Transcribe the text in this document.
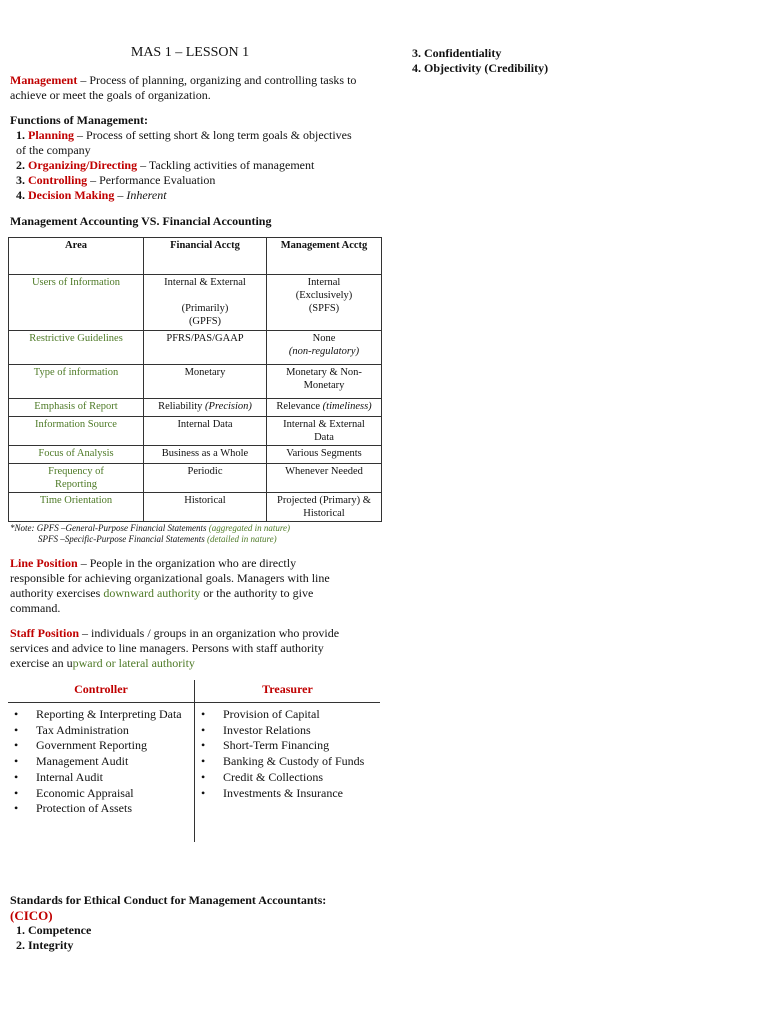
MAS 1 – LESSON 1

Management – Process of planning, organizing and controlling tasks to achieve or meet the goals of organization.

Functions of Management:
1. Planning – Process of setting short & long term goals & objectives of the company
2. Organizing/Directing – Tackling activities of management
3. Controlling – Performance Evaluation
4. Decision Making – Inherent
Management Accounting VS. Financial Accounting
Area	Financial Acctg	Management Acctg
Users of Information	Internal & External

(Primarily)
(GPFS)	Internal
(Exclusively)
(SPFS)
Restrictive Guidelines	PFRS/PAS/GAAP	None
(non-regulatory)
Type of information	Monetary	Monetary & Non-
Monetary
Emphasis of Report	Reliability (Precision)	Relevance (timeliness)
Information Source	Internal Data	Internal & External
Data
Focus of Analysis	Business as a Whole	Various Segments
Frequency of
Reporting	Periodic	Whenever Needed
Time Orientation	Historical	Projected (Primary) &
Historical
*Note: GPFS –General-Purpose Financial Statements (aggregated in nature)
SPFS –Specific-Purpose Financial Statements (detailed in nature)

Line Position – People in the organization who are directly responsible for achieving organizational goals. Managers with line authority exercises downward authority or the authority to give command.

Staff Position – individuals / groups in an organization who provide services and advice to line managers. Persons with staff authority exercise an upward or lateral authority

Controller
• Reporting & Interpreting Data
• Tax Administration
• Government Reporting
• Management Audit
• Internal Audit
• Economic Appraisal
• Protection of Assets
Treasurer
• Provision of Capital
• Investor Relations
• Short-Term Financing
• Banking & Custody of Funds
• Credit & Collections
• Investments & Insurance
Standards for Ethical Conduct for Management Accountants:
(CICO)
1. Competence
2. Integrity
3. Confidentiality
4. Objectivity (Credibility)
